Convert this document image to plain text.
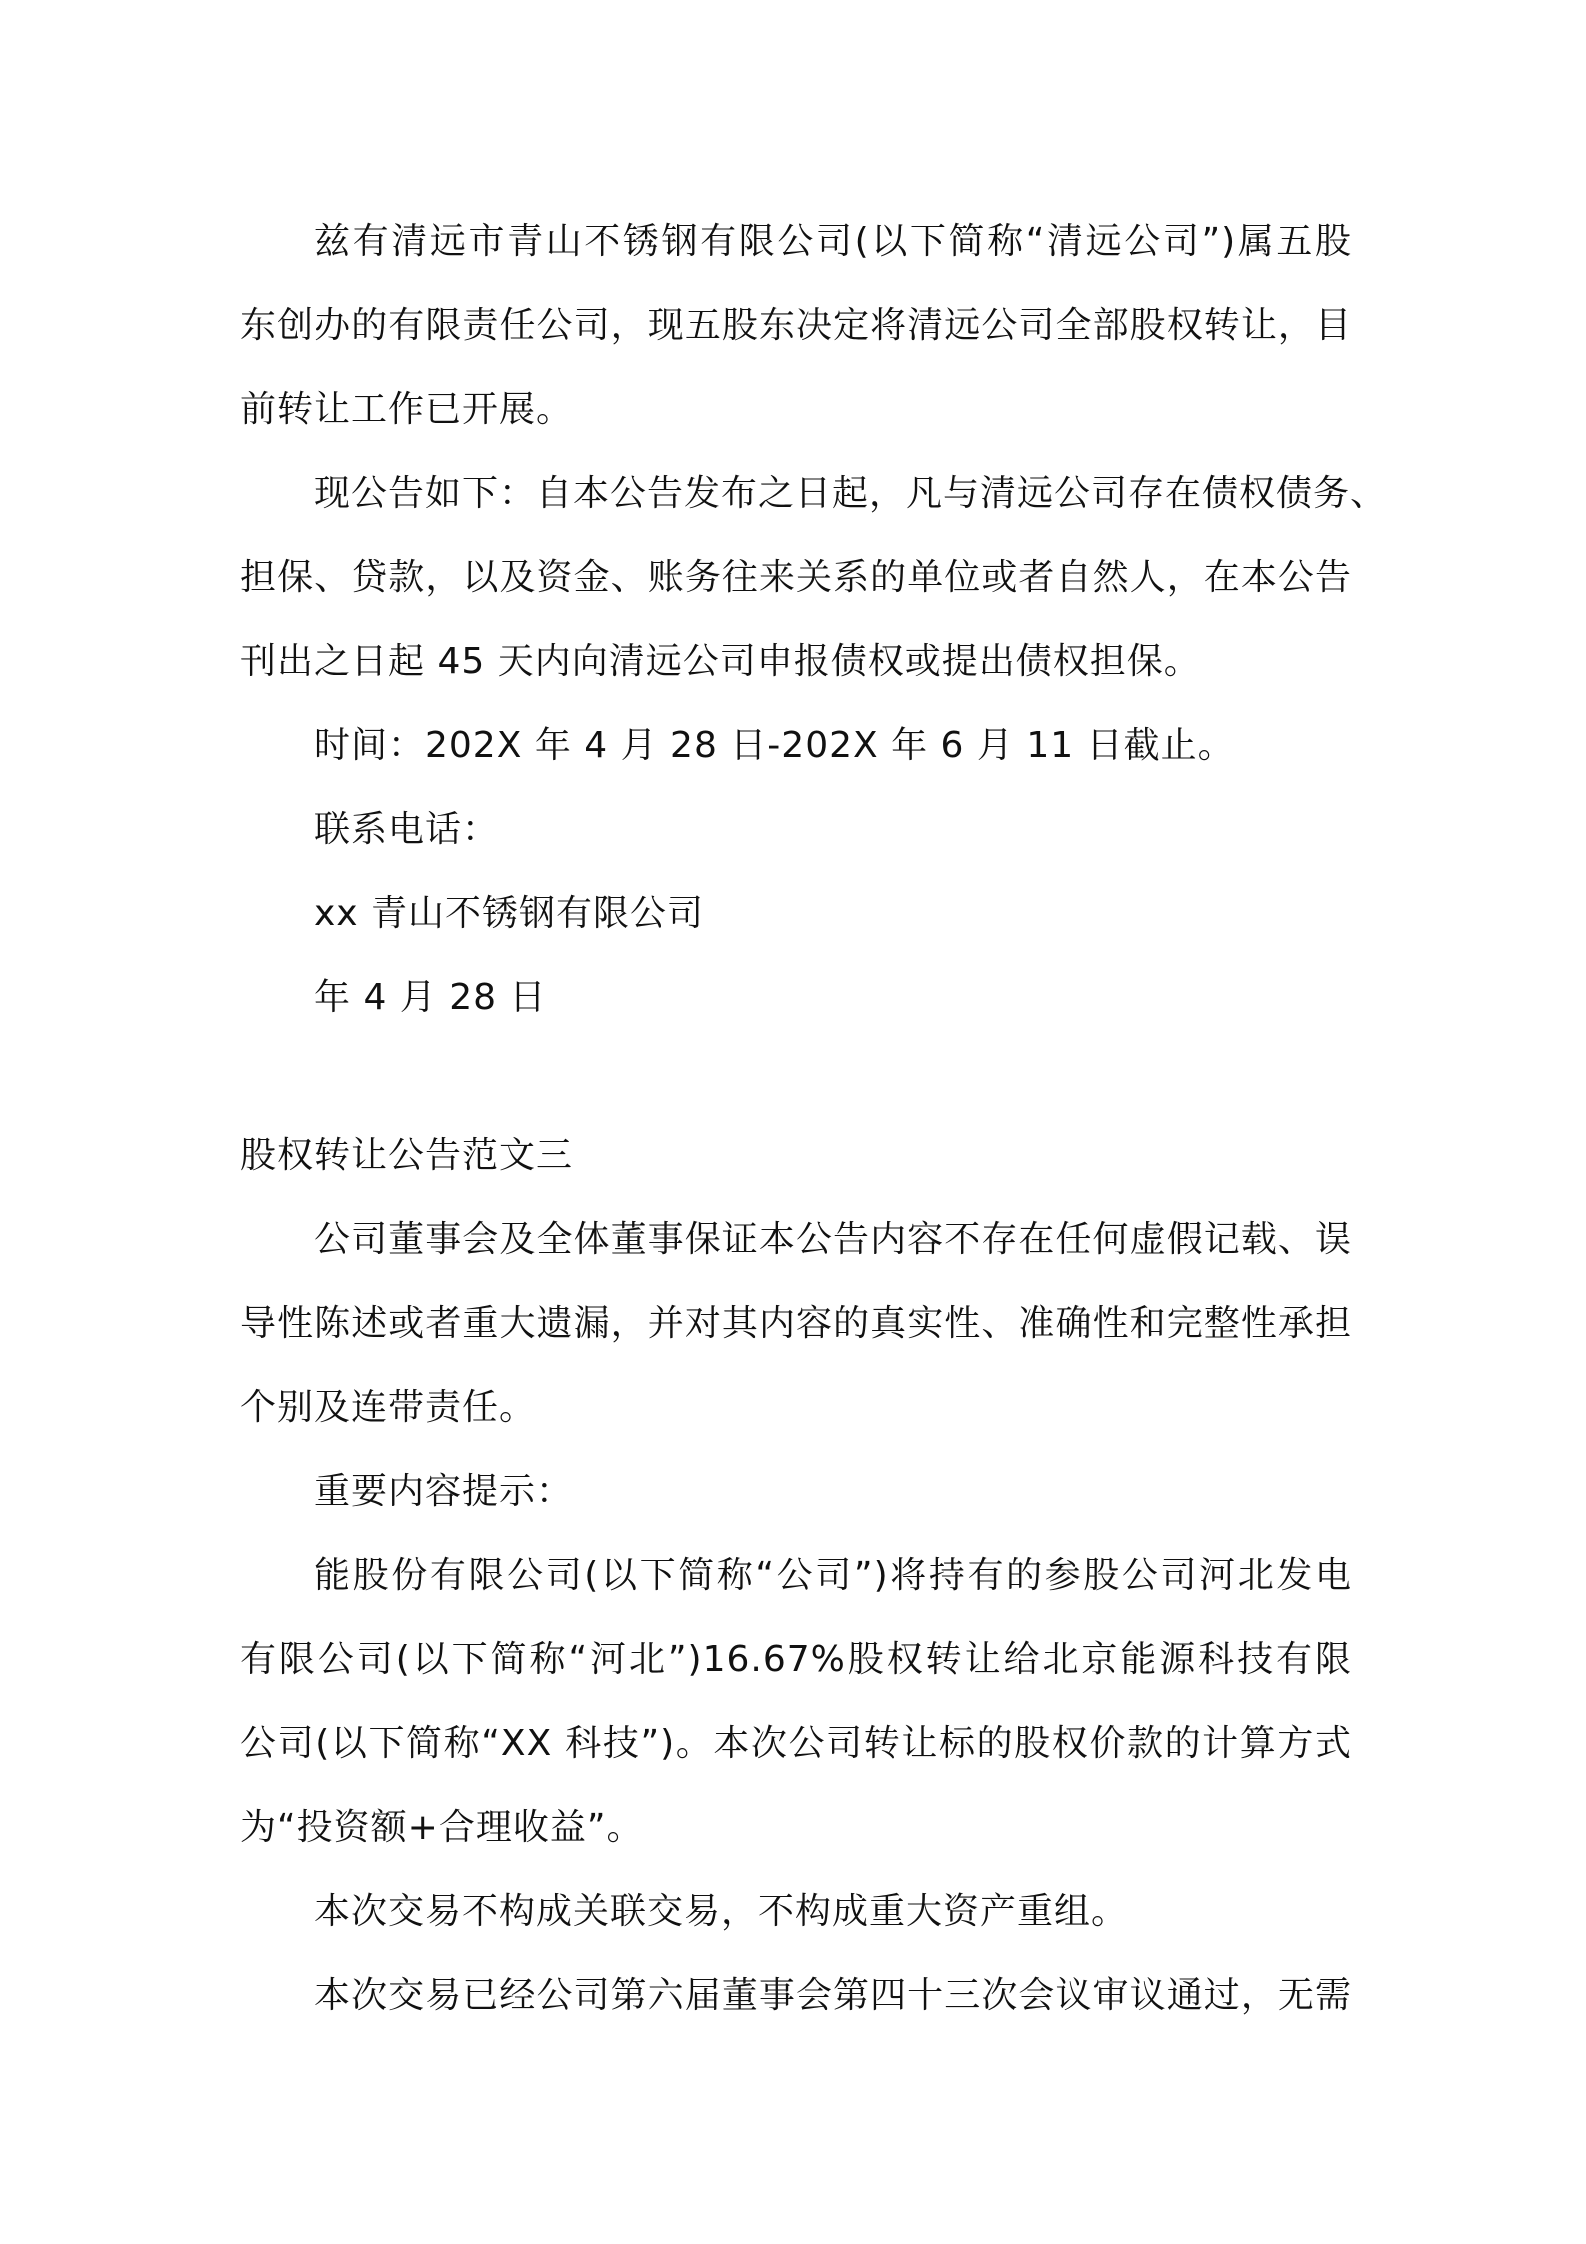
兹有清远市青山不锈钢有限公司(以下简称“清远公司”)属五股

东创办的有限责任公司，现五股东决定将清远公司全部股权转让，目

前转让工作已开展。

现公告如下：自本公告发布之日起，凡与清远公司存在债权债务、

担保、贷款，以及资金、账务往来关系的单位或者自然人，在本公告

刊出之日起 45 天内向清远公司申报债权或提出债权担保。

时间：202X 年 4 月 28 日-202X 年 6 月 11 日截止。

联系电话：

xx 青山不锈钢有限公司

年 4 月 28 日

股权转让公告范文三

公司董事会及全体董事保证本公告内容不存在任何虚假记载、误

导性陈述或者重大遗漏，并对其内容的真实性、准确性和完整性承担

个别及连带责任。

重要内容提示：

能股份有限公司(以下简称“公司”)将持有的参股公司河北发电

有限公司(以下简称“河北”)16.67%股权转让给北京能源科技有限

公司(以下简称“XX 科技”)。本次公司转让标的股权价款的计算方式

为“投资额+合理收益”。

本次交易不构成关联交易，不构成重大资产重组。

本次交易已经公司第六届董事会第四十三次会议审议通过，无需
